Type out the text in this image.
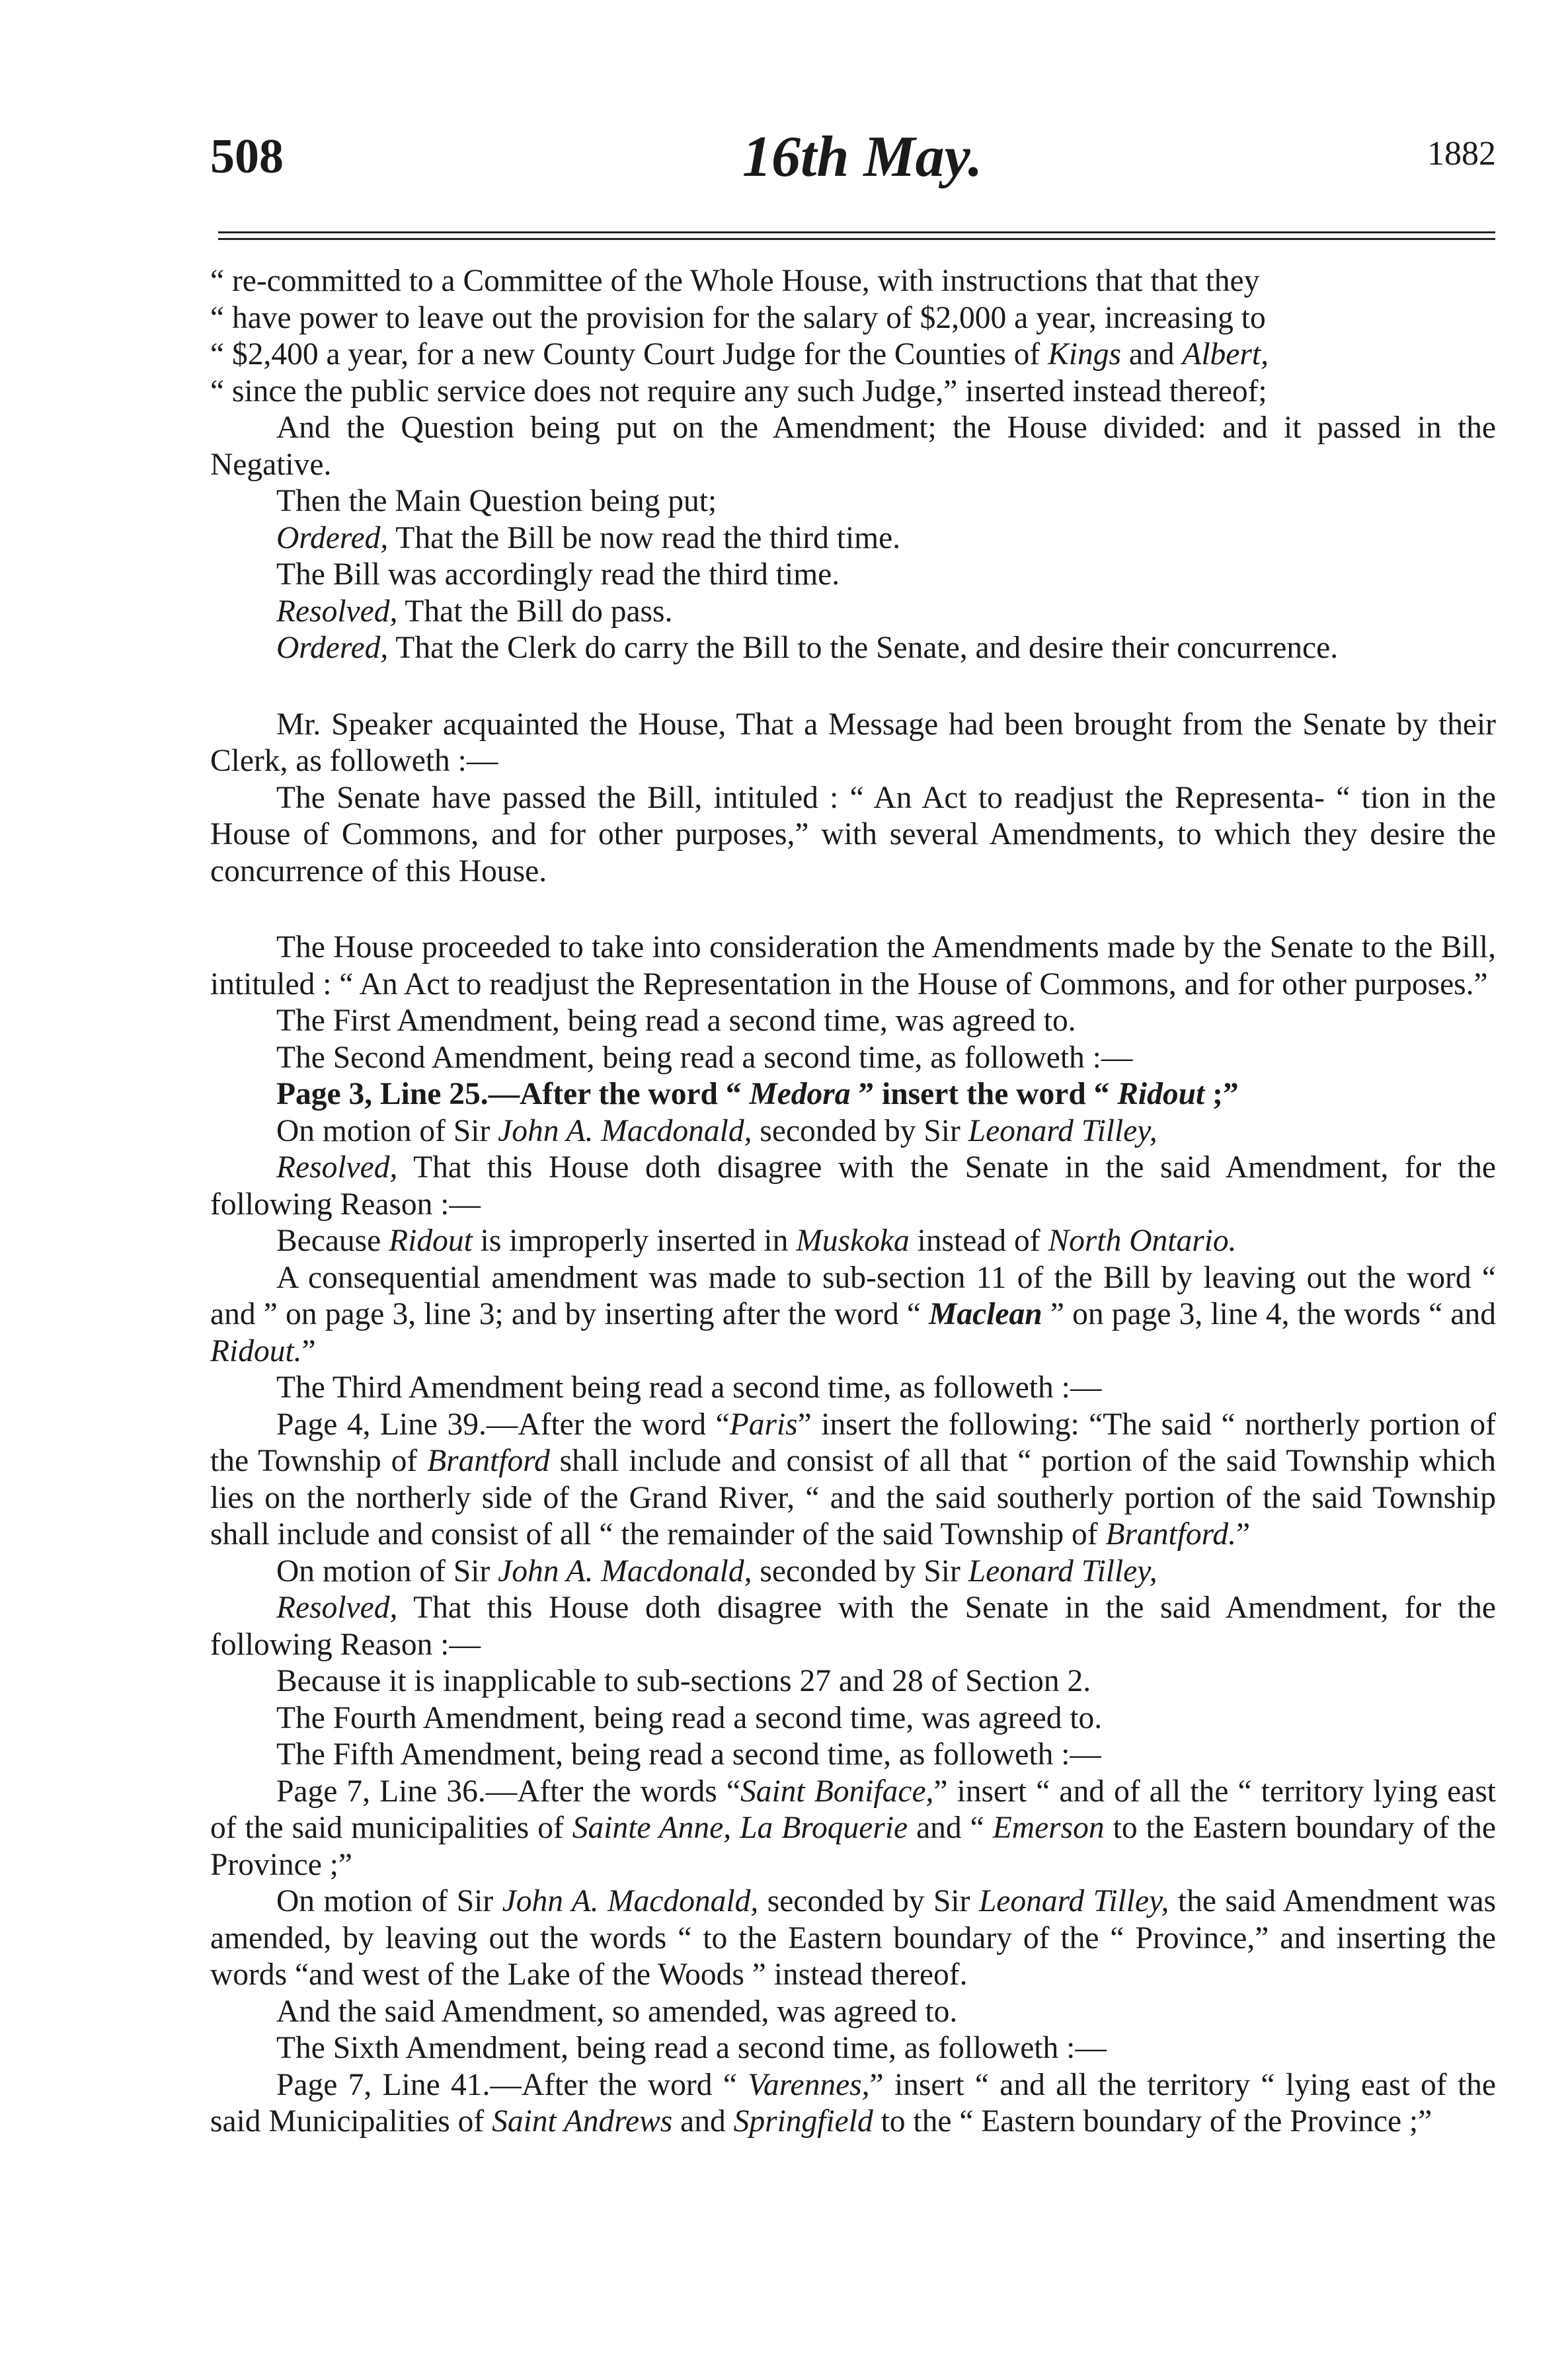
508	16th May.	1882

“ re-committed to a Committee of the Whole House, with instructions that that they

“ have power to leave out the provision for the salary of $2,000 a year, increasing to

“ $2,400 a year, for a new County Court Judge for the Counties of Kings and Albert,

“ since the public service does not require any such Judge,” inserted instead thereof;

And the Question being put on the Amendment; the House divided: and it passed in the Negative.

Then the Main Question being put;

Ordered, That the Bill be now read the third time.

The Bill was accordingly read the third time.

Resolved, That the Bill do pass.

Ordered, That the Clerk do carry the Bill to the Senate, and desire their concurrence.

Mr. Speaker acquainted the House, That a Message had been brought from the Senate by their Clerk, as followeth :—

The Senate have passed the Bill, intituled : “ An Act to readjust the Representa- “ tion in the House of Commons, and for other purposes,” with several Amendments, to which they desire the concurrence of this House.

The House proceeded to take into consideration the Amendments made by the Senate to the Bill, intituled : “ An Act to readjust the Representation in the House of Commons, and for other purposes.”

The First Amendment, being read a second time, was agreed to.

The Second Amendment, being read a second time, as followeth :—

Page 3, Line 25.—After the word “ Medora ” insert the word “ Ridout ;”

On motion of Sir John A. Macdonald, seconded by Sir Leonard Tilley,

Resolved, That this House doth disagree with the Senate in the said Amendment, for the following Reason :—

Because Ridout is improperly inserted in Muskoka instead of North Ontario.

A consequential amendment was made to sub-section 11 of the Bill by leaving out the word “ and ” on page 3, line 3; and by inserting after the word “ Maclean ” on page 3, line 4, the words “ and Ridout.”

The Third Amendment being read a second time, as followeth :—

Page 4, Line 39.—After the word “Paris” insert the following: “The said “ northerly portion of the Township of Brantford shall include and consist of all that “ portion of the said Township which lies on the northerly side of the Grand River, “ and the said southerly portion of the said Township shall include and consist of all “ the remainder of the said Township of Brantford.”

On motion of Sir John A. Macdonald, seconded by Sir Leonard Tilley,

Resolved, That this House doth disagree with the Senate in the said Amendment, for the following Reason :—

Because it is inapplicable to sub-sections 27 and 28 of Section 2.

The Fourth Amendment, being read a second time, was agreed to.

The Fifth Amendment, being read a second time, as followeth :—

Page 7, Line 36.—After the words “Saint Boniface,” insert “ and of all the “ territory lying east of the said municipalities of Sainte Anne, La Broquerie and “ Emerson to the Eastern boundary of the Province ;”

On motion of Sir John A. Macdonald, seconded by Sir Leonard Tilley, the said Amendment was amended, by leaving out the words “ to the Eastern boundary of the “ Province,” and inserting the words “and west of the Lake of the Woods ” instead thereof.

And the said Amendment, so amended, was agreed to.

The Sixth Amendment, being read a second time, as followeth :—

Page 7, Line 41.—After the word “ Varennes,” insert “ and all the territory “ lying east of the said Municipalities of Saint Andrews and Springfield to the “ Eastern boundary of the Province ;”
